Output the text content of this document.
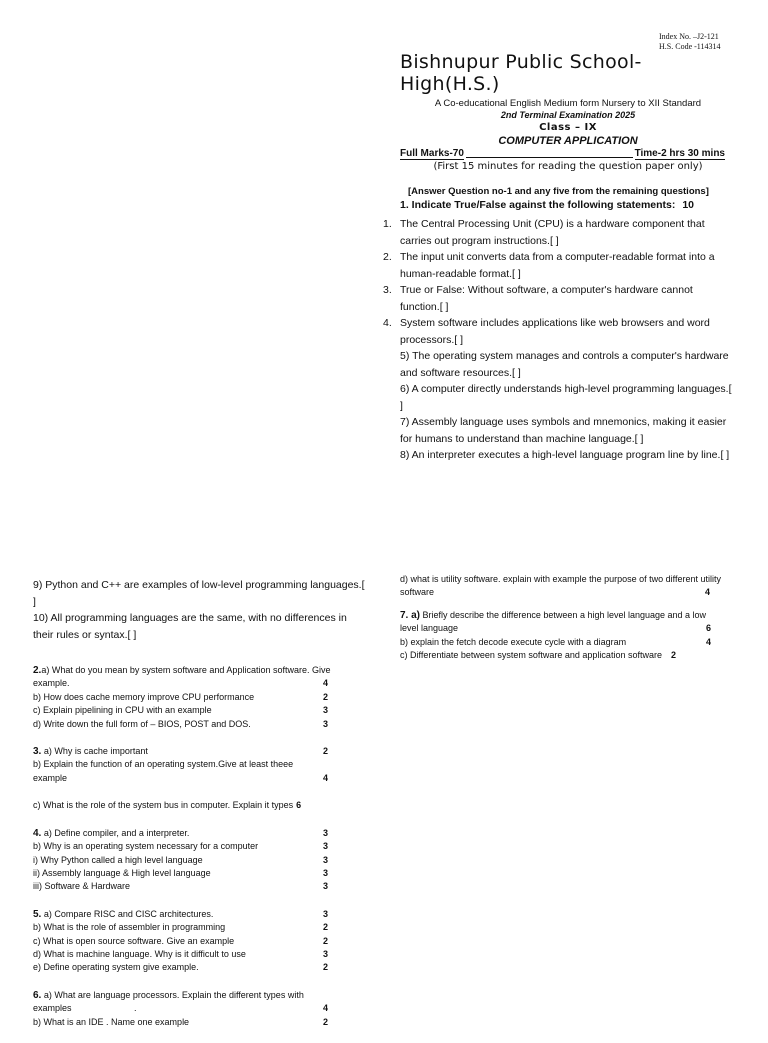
Index No. –J2-121
H.S. Code -114314
Bishnupur Public School-High(H.S.)
A Co-educational English Medium form Nursery to XII Standard
2nd Terminal Examination 2025
Class – IX
COMPUTER APPLICATION
Full Marks-70	Time-2 hrs 30 mins
(First 15 minutes for reading the question paper only)
[Answer Question no-1 and any five from the remaining questions]
1. Indicate True/False against the following statements: 10
1. The Central Processing Unit (CPU) is a hardware component that carries out program instructions.[ ]
2. The input unit converts data from a computer-readable format into a human-readable format.[ ]
3. True or False: Without software, a computer's hardware cannot function.[ ]
4. System software includes applications like web browsers and word processors.[ ]
5) The operating system manages and controls a computer's hardware and software resources.[ ]
6) A computer directly understands high-level programming languages.[ ]
7) Assembly language uses symbols and mnemonics, making it easier for humans to understand than machine language.[ ]
8) An interpreter executes a high-level language program line by line.[ ]
9) Python and C++ are examples of low-level programming languages.[ ]
10) All programming languages are the same, with no differences in their rules or syntax.[ ]
2.a) What do you mean by system software and Application software. Give example.	4
b) How does cache memory improve CPU performance	2
c) Explain pipelining in CPU with an example	3
d) Write down the full form of – BIOS, POST and DOS.	3
3. a) Why is cache important	2
b) Explain the function of an operating system.Give at least theee example	4
c) What is the role of the system bus in computer. Explain it types 6
4. a) Define compiler, and a interpreter.	3
b) Why is an operating system necessary for a computer	3
i) Why Python called a high level language	3
ii) Assembly language & High level language	3
iii) Software & Hardware	3
5. a) Compare RISC and CISC architectures.	3
b) What is the role of assembler in programming	2
c) What is open source software. Give an example	2
d) What is machine language. Why is it difficult to use	3
e) Define operating system give example.	2
6. a) What are language processors. Explain the different types with examples	.	4
b) What is an IDE . Name one example	2
d) what is utility software. explain with example the purpose of two different utility software	4
7. a) Briefly describe the difference between a high level language and a low level language	6
b) explain the fetch decode execute cycle with a diagram	4
c) Differentiate between system software and application software 2
